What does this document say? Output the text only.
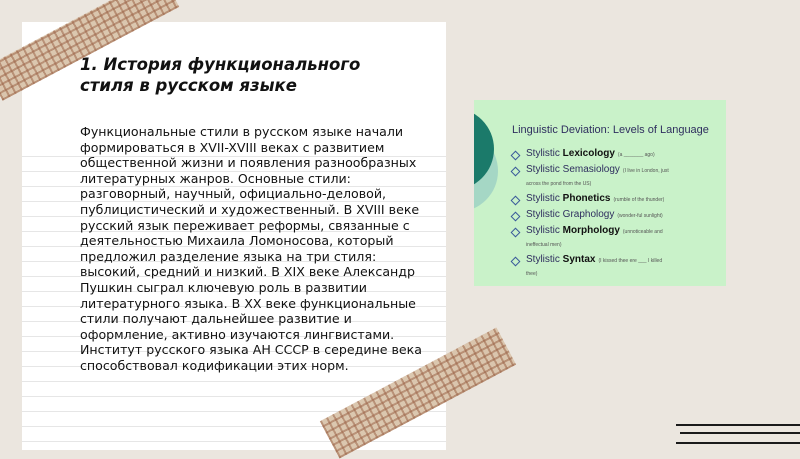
1. История функционального стиля в русском языке

Функциональные стили в русском языке начали формироваться в XVII-XVIII веках с развитием общественной жизни и появления разнообразных литературных жанров. Основные стили: разговорный, научный, официально-деловой, публицистический и художественный. В XVIII веке русский язык переживает реформы, связанные с деятельностью Михаила Ломоносова, который предложил разделение языка на три стиля: высокий, средний и низкий. В XIX веке Александр Пушкин сыграл ключевую роль в развитии литературного языка. В XX веке функциональные стили получают дальнейшее развитие и оформление, активно изучаются лингвистами. Институт русского языка АН СССР в середине века способствовал кодификации этих норм.

Linguistic Deviation: Levels of Language

Stylistic Lexicology (a _______ ago)
Stylistic Semasiology (I live in London, just
across the pond from the US)
Stylistic Phonetics (rumble of the thunder)
Stylistic Graphology (wonder-ful sunlight)
Stylistic Morphology (unnoticeable and
ineffectual men)
Stylistic Syntax (I kissed thee ere ___ I killed
thee)
